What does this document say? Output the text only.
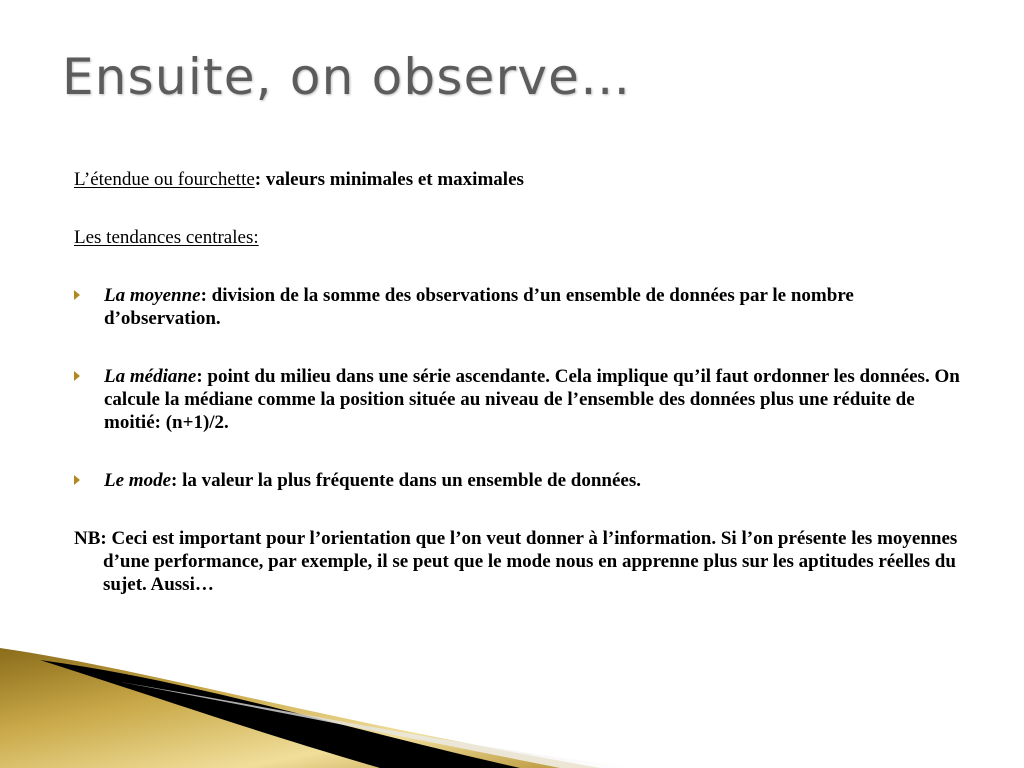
Ensuite, on observe…

L’étendue ou fourchette: valeurs minimales et maximales

Les tendances centrales:

La moyenne: division de la somme des observations d’un ensemble de données par le nombre d’observation.
La médiane: point du milieu dans une série ascendante. Cela implique qu’il faut ordonner les données. On calcule la médiane comme la position située au niveau de l’ensemble des données plus une réduite de moitié: (n+1)/2.
Le mode: la valeur la plus fréquente dans un ensemble de données.

NB: Ceci est important pour l’orientation que l’on veut donner à l’information. Si l’on présente les moyennes d’une performance, par exemple, il se peut que le mode nous en apprenne plus sur les aptitudes réelles du sujet. Aussi…
